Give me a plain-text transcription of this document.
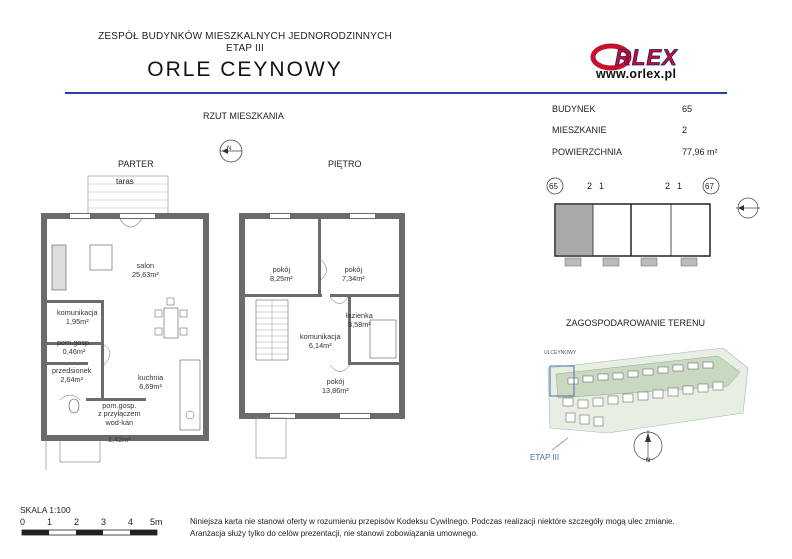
ZESPÓŁ BUDYNKÓW MIESZKALNYCH JEDNORODZINNYCH
ETAP III
ORLE CEYNOWY	RLEX
www.orlex.pl
RZUT MIESZKANIA
PARTER	PIĘTRO
N
taras
salon
25,63m²
komunikacja
1,95m²
pom.gosp.
0,46m²
przedsionek
2,64m²	kuchnia
6,69m²

pom.gosp.
z przyłączem
wod-kan

1,42m²

pokój
8,25m²
pokój
7,34m²
łazienka
3,58m²
komunikacja
6,14m²
pokój
13,86m²
BUDYNEK	65
MIESZKANIE	2
POWIERZCHNIA	77,96 m²
65	67
2 1	2 1
ZAGOSPODAROWANIE TERENU
ULCEYNOWY
ETAP III	N
SKALA 1:100
0 1 2 3 4 5m	Niniejsza karta nie stanowi oferty w rozumieniu przepisów Kodeksu Cywilnego. Podczas realizacji niektóre szczegóły mogą ulec zmianie.
Aranżacja służy tylko do celów prezentacji, nie stanowi zobowiązania umownego.
